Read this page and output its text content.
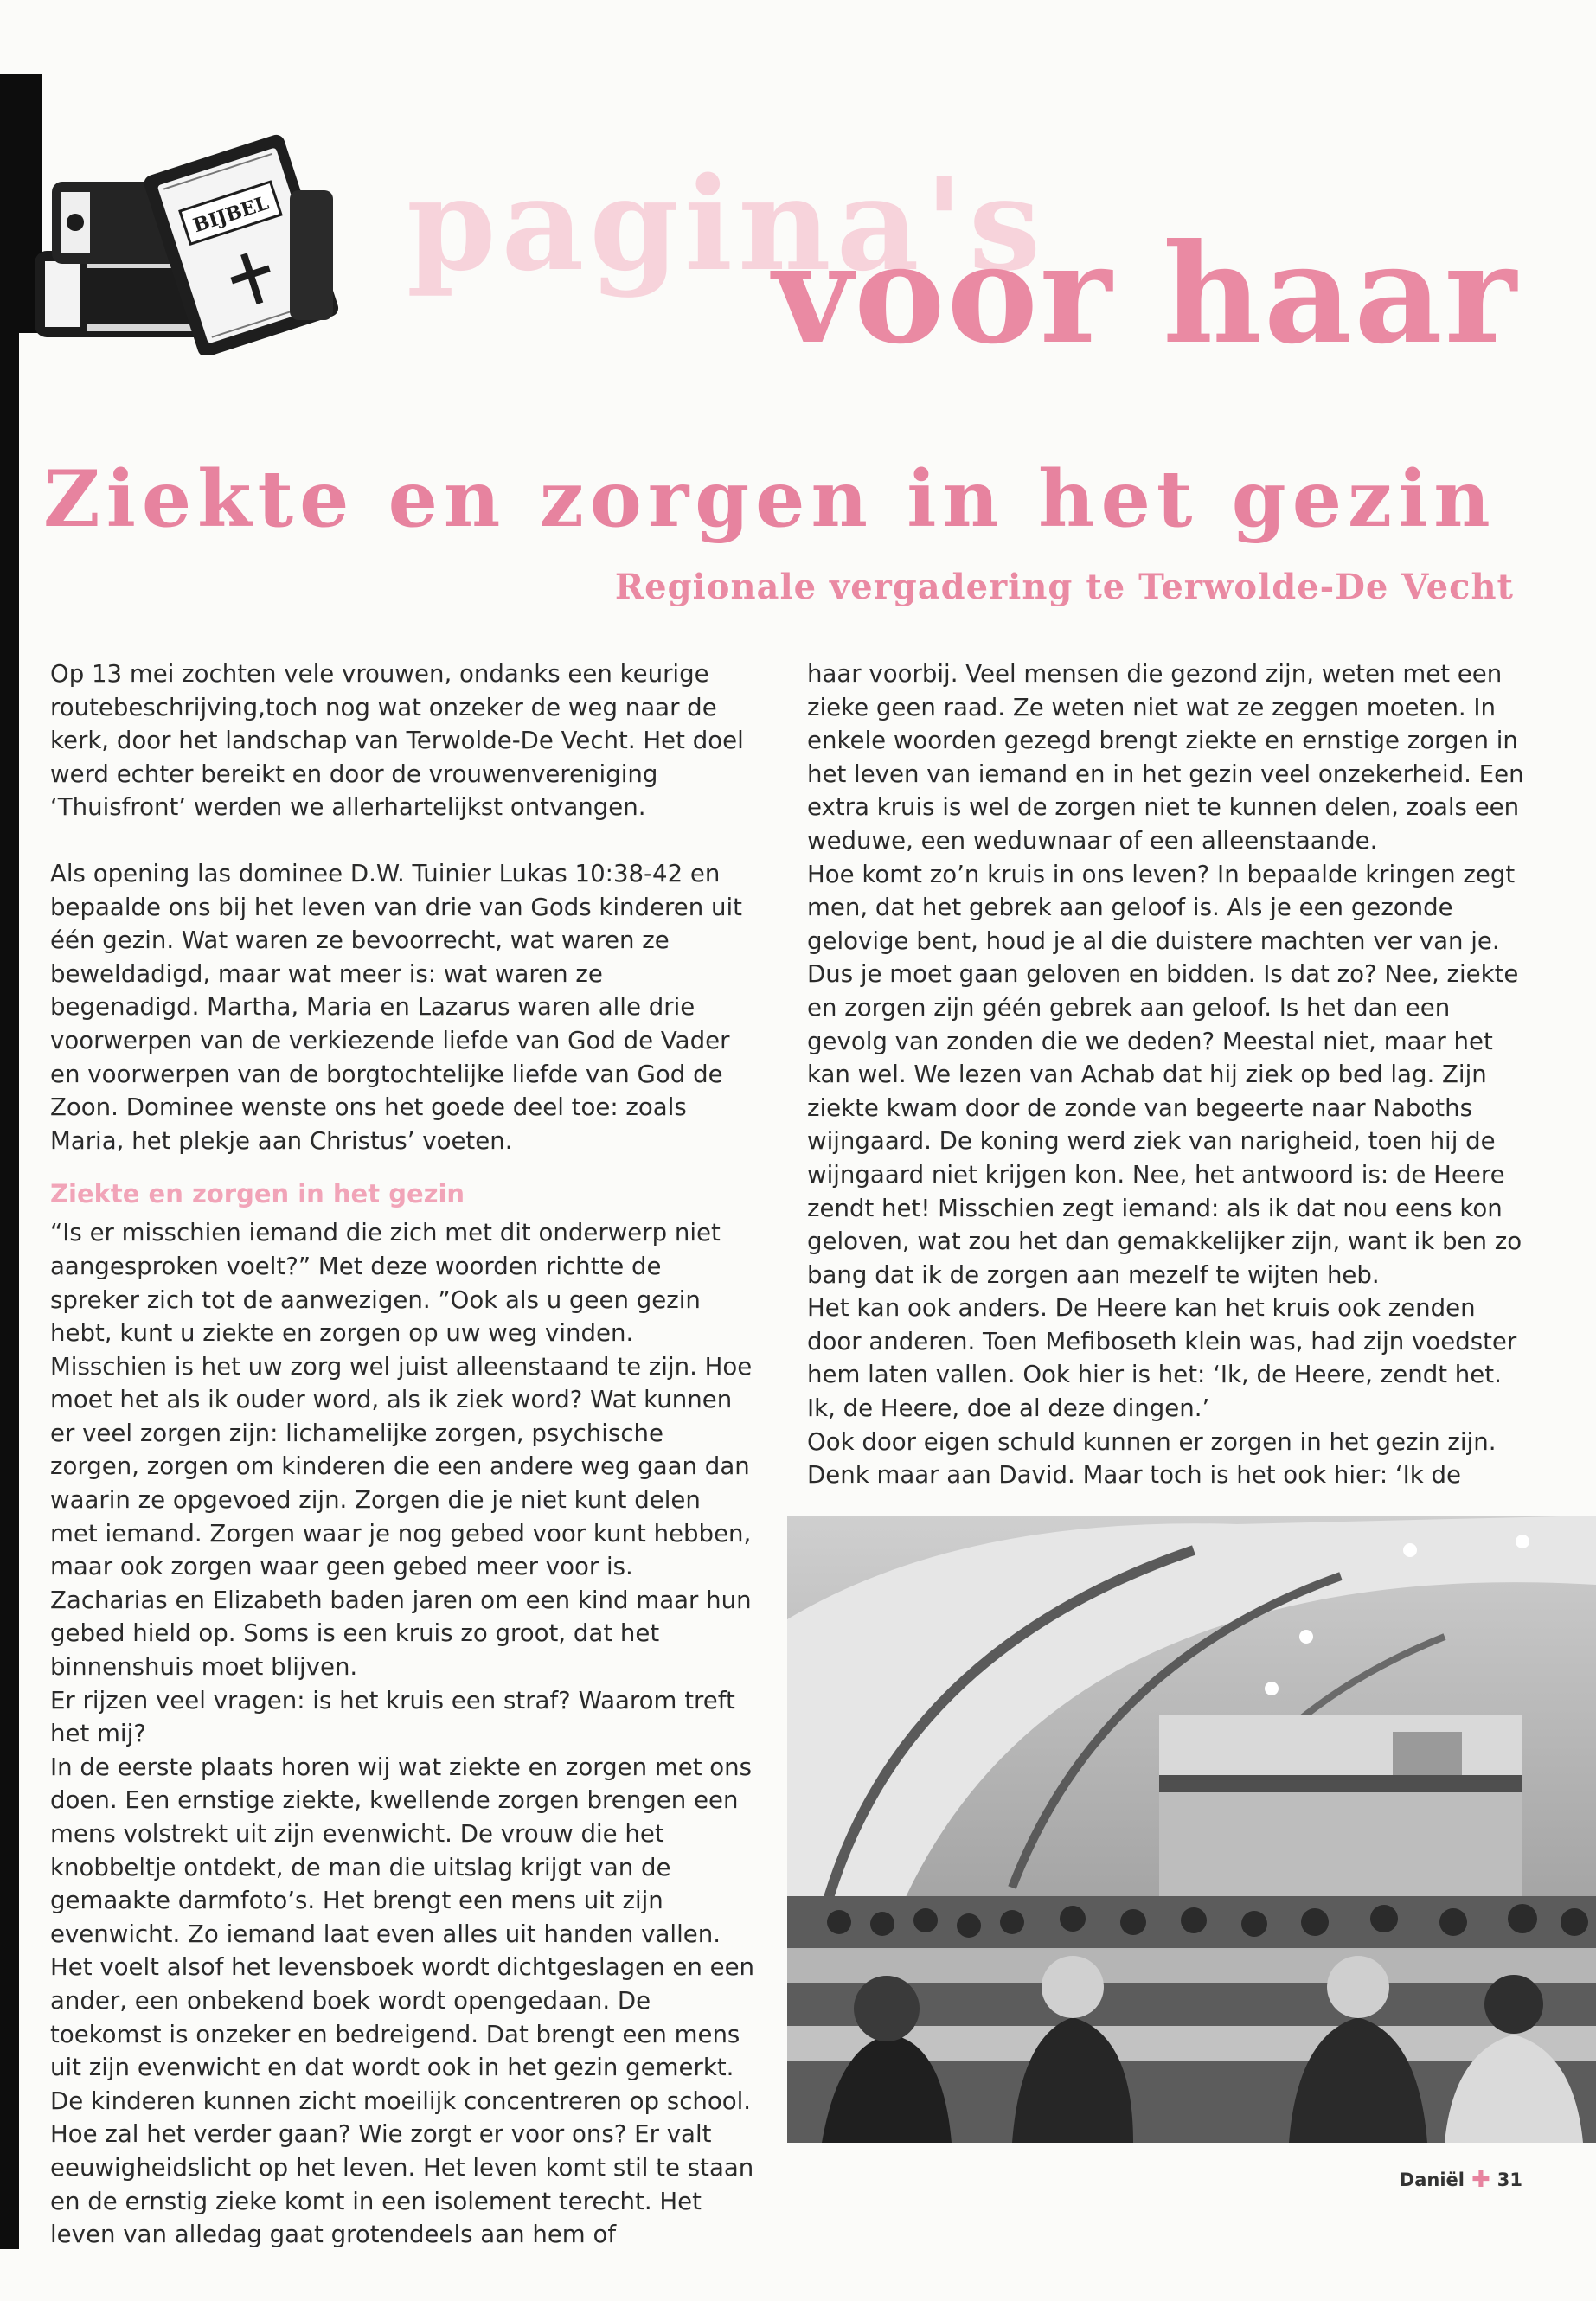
BIJBEL pagina's
voor haar
Ziekte en zorgen in het gezin
Regionale vergadering te Terwolde-De Vecht

Op 13 mei zochten vele vrouwen, ondanks een keurige routebeschrijving,toch nog wat onzeker de weg naar de kerk, door het landschap van Terwolde-De Vecht. Het doel werd echter bereikt en door de vrouwenvereniging ‘Thuisfront’ werden we allerhartelijkst ontvangen.

Als opening las dominee D.W. Tuinier Lukas 10:38-42 en bepaalde ons bij het leven van drie van Gods kinderen uit één gezin. Wat waren ze bevoorrecht, wat waren ze beweldadigd, maar wat meer is: wat waren ze begenadigd. Martha, Maria en Lazarus waren alle drie voorwerpen van de verkiezende liefde van God de Vader en voorwerpen van de borgtochtelijke liefde van God de Zoon. Dominee wenste ons het goede deel toe: zoals Maria, het plekje aan Christus’ voeten.

Ziekte en zorgen in het gezin

“Is er misschien iemand die zich met dit onderwerp niet aangesproken voelt?” Met deze woorden richtte de spreker zich tot de aanwezigen. ”Ook als u geen gezin hebt, kunt u ziekte en zorgen op uw weg vinden. Misschien is het uw zorg wel juist alleenstaand te zijn. Hoe moet het als ik ouder word, als ik ziek word? Wat kunnen er veel zorgen zijn: lichamelijke zorgen, psychische zorgen, zorgen om kinderen die een andere weg gaan dan waarin ze opgevoed zijn. Zorgen die je niet kunt delen met iemand. Zorgen waar je nog gebed voor kunt hebben, maar ook zorgen waar geen gebed meer voor is. Zacharias en Elizabeth baden jaren om een kind maar hun gebed hield op. Soms is een kruis zo groot, dat het binnenshuis moet blijven.

Er rijzen veel vragen: is het kruis een straf? Waarom treft het mij?

In de eerste plaats horen wij wat ziekte en zorgen met ons doen. Een ernstige ziekte, kwellende zorgen brengen een mens volstrekt uit zijn evenwicht. De vrouw die het knobbeltje ontdekt, de man die uitslag krijgt van de gemaakte darmfoto’s. Het brengt een mens uit zijn evenwicht. Zo iemand laat even alles uit handen vallen. Het voelt alsof het levensboek wordt dichtgeslagen en een ander, een onbekend boek wordt opengedaan. De toekomst is onzeker en bedreigend. Dat brengt een mens uit zijn evenwicht en dat wordt ook in het gezin gemerkt. De kinderen kunnen zicht moeilijk concentreren op school. Hoe zal het verder gaan? Wie zorgt er voor ons? Er valt eeuwigheidslicht op het leven. Het leven komt stil te staan en de ernstig zieke komt in een isolement terecht. Het leven van alledag gaat grotendeels aan hem of

haar voorbij. Veel mensen die gezond zijn, weten met een zieke geen raad. Ze weten niet wat ze zeggen moeten. In enkele woorden gezegd brengt ziekte en ernstige zorgen in het leven van iemand en in het gezin veel onzekerheid. Een extra kruis is wel de zorgen niet te kunnen delen, zoals een weduwe, een weduwnaar of een alleenstaande.

Hoe komt zo’n kruis in ons leven? In bepaalde kringen zegt men, dat het gebrek aan geloof is. Als je een gezonde gelovige bent, houd je al die duistere machten ver van je. Dus je moet gaan geloven en bidden. Is dat zo? Nee, ziekte en zorgen zijn géén gebrek aan geloof. Is het dan een gevolg van zonden die we deden? Meestal niet, maar het kan wel. We lezen van Achab dat hij ziek op bed lag. Zijn ziekte kwam door de zonde van begeerte naar Naboths wijngaard. De koning werd ziek van narigheid, toen hij de wijngaard niet krijgen kon. Nee, het antwoord is: de Heere zendt het! Misschien zegt iemand: als ik dat nou eens kon geloven, wat zou het dan gemakkelijker zijn, want ik ben zo bang dat ik de zorgen aan mezelf te wijten heb.

Het kan ook anders. De Heere kan het kruis ook zenden door anderen. Toen Mefiboseth klein was, had zijn voedster hem laten vallen. Ook hier is het: ‘Ik, de Heere, zendt het. Ik, de Heere, doe al deze dingen.’

Ook door eigen schuld kunnen er zorgen in het gezin zijn. Denk maar aan David. Maar toch is het ook hier: ‘Ik de

Daniël ✚ 31
